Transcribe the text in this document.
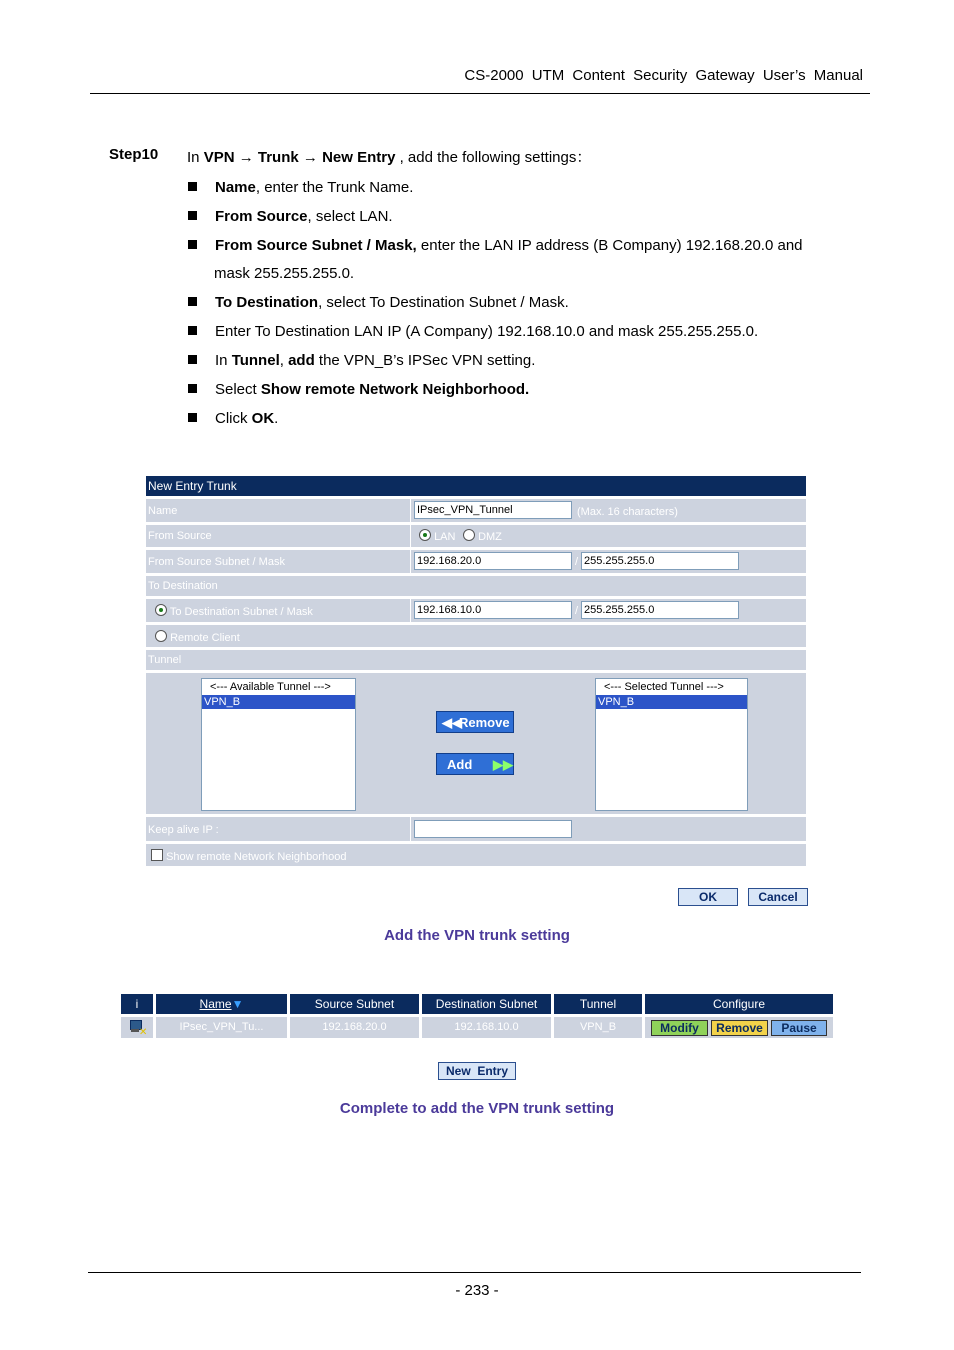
CS-2000 UTM Content Security Gateway User’s Manual
Step10 In VPN → Trunk → New Entry , add the following settings：
Name, enter the Trunk Name.
From Source, select LAN.
From Source Subnet / Mask, enter the LAN IP address (B Company) 192.168.20.0 and
mask 255.255.255.0.
To Destination, select To Destination Subnet / Mask.
Enter To Destination LAN IP (A Company) 192.168.10.0 and mask 255.255.255.0.
In Tunnel, add the VPN_B’s IPSec VPN setting.
Select Show remote Network Neighborhood.
Click OK.
New Entry Trunk
Name	IPsec_VPN_Tunnel	(Max. 16 characters)
From Source	LAN	DMZ
From Source Subnet / Mask	192.168.20.0	/ 255.255.255.0
To Destination
To Destination Subnet / Mask	192.168.10.0	/ 255.255.255.0
Remote Client
Tunnel
<--- Available Tunnel --->
VPN_B
◀◀
Remove
Add ▶▶
<--- Selected Tunnel --->
VPN_B
Keep alive IP :
Show remote Network Neighborhood
OK	Cancel
Add the VPN trunk setting
i	Name▼	Source Subnet	Destination Subnet	Tunnel	Configure
✕	IPsec_VPN_Tu...	192.168.20.0	192.168.10.0	VPN_B	Modify	Remove	Pause
New  Entry
Complete to add the VPN trunk setting
- 233 -
